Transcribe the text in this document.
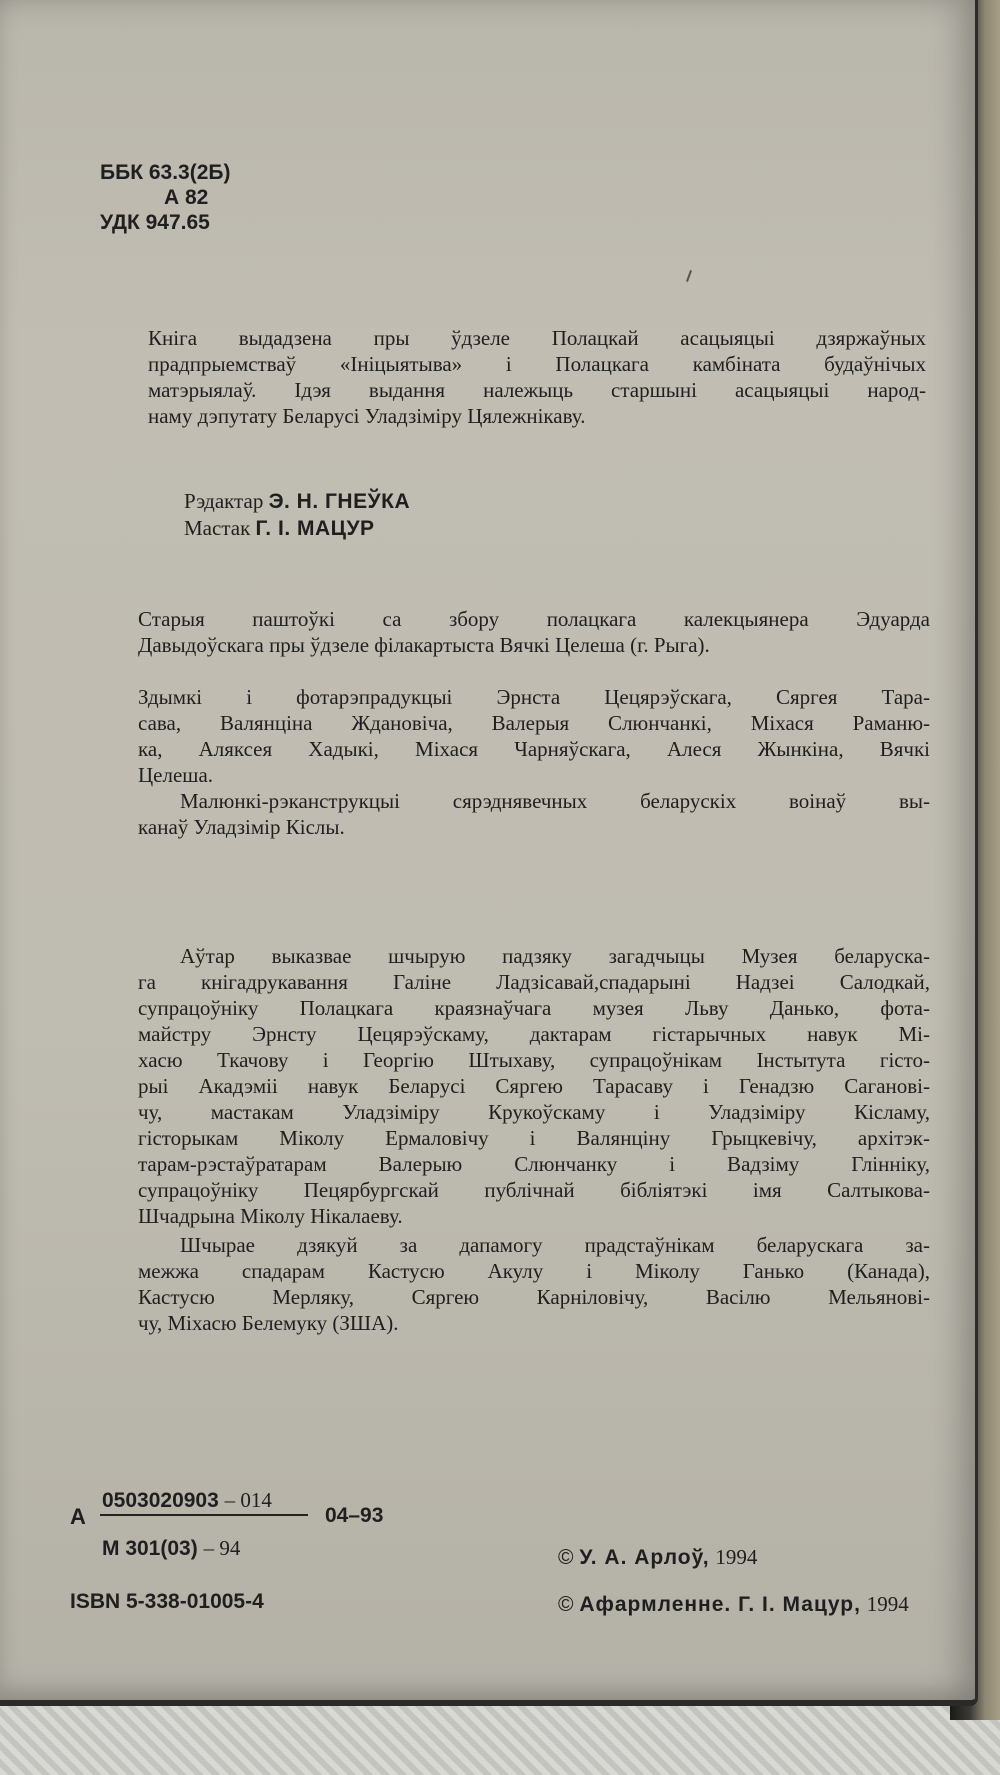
ББК 63.3(2Б)
А 82
УДК 947.65
Кніга выдадзена пры ўдзеле Полацкай асацыяцыі дзяржаўных
прадпрыемстваў «Ініцыятыва» і Полацкага камбіната будаўнічых
матэрыялаў. Ідэя выдання належыць старшыні асацыяцыі народ-
наму дэпутату Беларусі Уладзіміру Цялежнікаву.
Рэдактар Э. Н. ГНЕЎКА
Мастак Г. І. МАЦУР
Старыя паштоўкі са збору полацкага калекцыянера Эдуарда
Давыдоўскага пры ўдзеле філакартыста Вячкі Целеша (г. Рыга).
Здымкі і фотарэпрадукцыі Эрнста Цецярэўскага, Сяргея Тара-
сава, Валянціна Ждановіча, Валерыя Слюнчанкі, Міхася Раманю-
ка, Аляксея Хадыкі, Міхася Чарняўскага, Алеся Жынкіна, Вячкі
Целеша.
Малюнкі-рэканструкцыі сярэднявечных беларускіх воінаў вы-
канаў Уладзімір Кіслы.
Аўтар выказвае шчырую падзяку загадчыцы Музея беларуска-
га кнігадрукавання Галіне Ладзісавай,спадарыні Надзеі Салодкай,
супрацоўніку Полацкага краязнаўчага музея Льву Данько, фота-
майстру Эрнсту Цецярэўскаму, дактарам гістарычных навук Мі-
хасю Ткачову і Георгію Штыхаву, супрацоўнікам Інстытута гісто-
рыі Акадэміі навук Беларусі Сяргею Тарасаву і Генадзю Сагановi-
чу, мастакам Уладзіміру Крукоўскаму і Уладзіміру Кісламу,
гісторыкам Міколу Ермаловічу і Валянціну Грыцкевічу, архітэк-
тарам-рэстаўратарам Валерыю Слюнчанку і Вадзіму Глінніку,
супрацоўніку Пецярбургскай публічнай бібліятэкі імя Салтыкова-
Шчадрына Міколу Нікалаеву.
Шчырае дзякуй за дапамогу прадстаўнікам беларускага за-
межжа спадарам Кастусю Акулу і Міколу Ганько (Канада),
Кастусю Мерляку, Сяргею Карніловічу, Васілю Мельяновi-
чу, Міхасю Белемуку (ЗША).
А
0503020903 – 014
04–93
М 301(03) – 94
ISBN 5-338-01005-4
© У. А. Арлоў, 1994
© Афармленне. Г. І. Мацур, 1994
